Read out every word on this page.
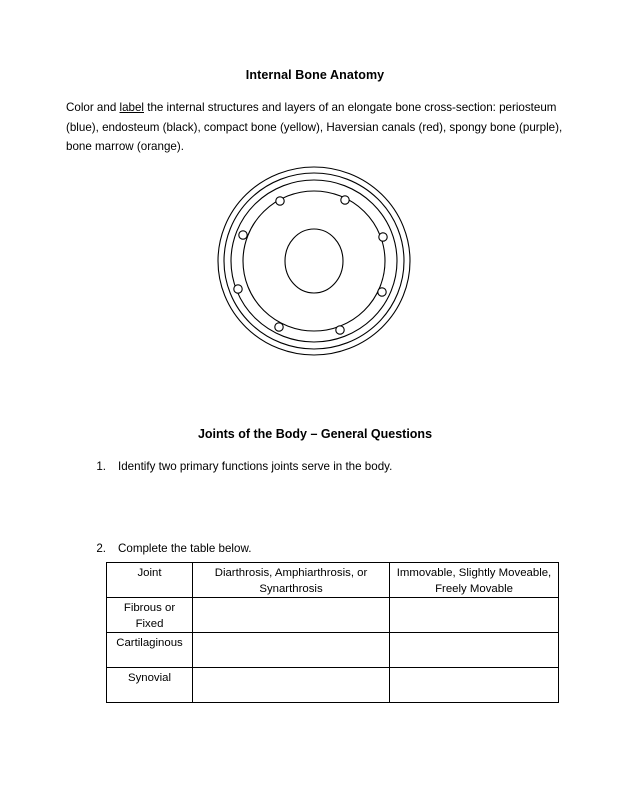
Internal Bone Anatomy
Color and label the internal structures and layers of an elongate bone cross-section: periosteum (blue), endosteum (black), compact bone (yellow), Haversian canals (red), spongy bone (purple), bone marrow (orange).
Joints of the Body – General Questions
1. Identify two primary functions joints serve in the body.
2. Complete the table below.
Joint	Diarthrosis, Amphiarthrosis, or Synarthrosis	Immovable, Slightly Moveable, Freely Movable
Fibrous or Fixed		
Cartilaginous		
Synovial		
